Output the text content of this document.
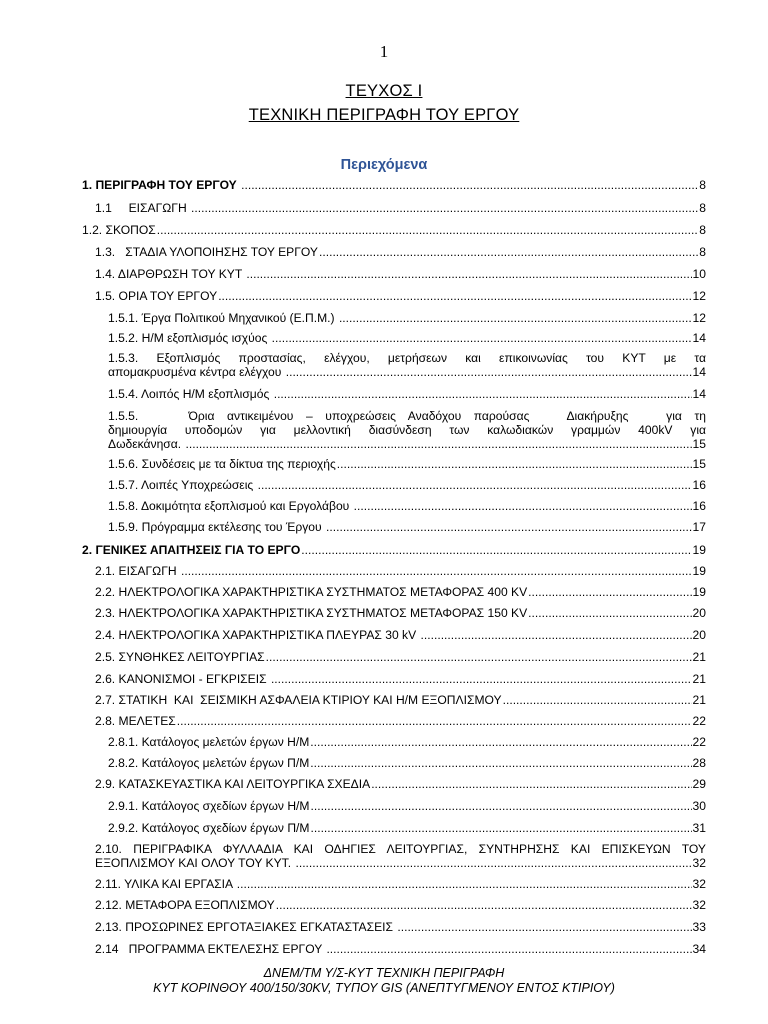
1
ΤΕΥΧΟΣ Ι
ΤΕΧΝΙΚΗ ΠΕΡΙΓΡΑΦΗ ΤΟΥ ΕΡΓΟΥ
Περιεχόμενα
1. ΠΕΡΙΓΡΑΦΗ ΤΟΥ ΕΡΓΟΥ .....	8
1.1     ΕΙΣΑΓΩΓΗ .....	8
1.2. ΣΚΟΠΟΣ .....	8
1.3.   ΣΤΑΔΙΑ ΥΛΟΠΟΙΗΣΗΣ ΤΟΥ ΕΡΓΟΥ .....	8
1.4. ΔΙΑΡΘΡΩΣΗ ΤΟΥ ΚΥΤ .....	10
1.5. ΟΡΙΑ ΤΟΥ ΕΡΓΟΥ .....	12
1.5.1. Έργα Πολιτικού Μηχανικού (Ε.Π.Μ.) .....	12
1.5.2. Η/Μ εξοπλισμός ισχύος .....	14
1.5.3. Εξοπλισμός προστασίας, ελέγχου, μετρήσεων και επικοινωνίας του ΚΥΤ με τα
απομακρυσμένα κέντρα ελέγχου .....	14
1.5.4. Λοιπός Η/Μ εξοπλισμός .....	14
1.5.5.    Όρια αντικειμένου – υποχρεώσεις Αναδόχου παρούσας   Διακήρυξης   για τη
δημιουργία υποδομών για μελλοντική διασύνδεση των καλωδιακών γραμμών 400kV για
Δωδεκάνησα. .....	15
1.5.6. Συνδέσεις με τα δίκτυα της περιοχής .....	15
1.5.7. Λοιπές Υποχρεώσεις .....	16
1.5.8. Δοκιμότητα εξοπλισμού και Εργολάβου .....	16
1.5.9. Πρόγραμμα εκτέλεσης του Έργου .....	17
2. ΓΕΝΙΚΕΣ ΑΠΑΙΤΗΣΕΙΣ ΓΙΑ ΤΟ ΕΡΓΟ .....	19
2.1. ΕΙΣΑΓΩΓΗ .....	19
2.2. ΗΛΕΚΤΡΟΛΟΓΙΚΑ ΧΑΡΑΚΤΗΡΙΣΤΙΚΑ ΣΥΣΤΗΜΑΤΟΣ ΜΕΤΑΦΟΡΑΣ 400 KV .....	19
2.3. ΗΛΕΚΤΡΟΛΟΓΙΚΑ ΧΑΡΑΚΤΗΡΙΣΤΙΚΑ ΣΥΣΤΗΜΑΤΟΣ ΜΕΤΑΦΟΡΑΣ 150 KV .....	20
2.4. ΗΛΕΚΤΡΟΛΟΓΙΚΑ ΧΑΡΑΚΤΗΡΙΣΤΙΚΑ ΠΛΕΥΡΑΣ 30 kV .....	20
2.5. ΣΥΝΘΗΚΕΣ ΛΕΙΤΟΥΡΓΙΑΣ .....	21
2.6. ΚΑΝΟΝΙΣΜΟΙ - ΕΓΚΡΙΣΕΙΣ .....	21
2.7. ΣΤΑΤΙΚΗ  ΚΑΙ  ΣΕΙΣΜΙΚΗ ΑΣΦΑΛΕΙΑ ΚΤΙΡΙΟΥ ΚΑΙ Η/Μ ΕΞΟΠΛΙΣΜΟΥ .....	21
2.8. ΜΕΛΕΤΕΣ .....	22
2.8.1. Κατάλογος μελετών έργων Η/Μ .....	22
2.8.2. Κατάλογος μελετών έργων Π/Μ .....	28
2.9. ΚΑΤΑΣΚΕΥΑΣΤΙΚΑ ΚΑΙ ΛΕΙΤΟΥΡΓΙΚΑ ΣΧΕΔΙΑ .....	29
2.9.1. Κατάλογος σχεδίων έργων Η/Μ .....	30
2.9.2. Κατάλογος σχεδίων έργων Π/Μ .....	31
2.10. ΠΕΡΙΓΡΑΦΙΚΑ ΦΥΛΛΑΔΙΑ ΚΑΙ ΟΔΗΓΙΕΣ ΛΕΙΤΟΥΡΓΙΑΣ, ΣΥΝΤΗΡΗΣΗΣ ΚΑΙ ΕΠΙΣΚΕΥΩΝ ΤΟΥ
ΕΞΟΠΛΙΣΜΟΥ ΚΑΙ ΟΛΟΥ ΤΟΥ ΚΥΤ. .....	32
2.11. ΥΛΙΚΑ ΚΑΙ ΕΡΓΑΣΙΑ .....	32
2.12. ΜΕΤΑΦΟΡΑ ΕΞΟΠΛΙΣΜΟΥ .....	32
2.13. ΠΡΟΣΩΡΙΝΕΣ ΕΡΓΟΤΑΞΙΑΚΕΣ ΕΓΚΑΤΑΣΤΑΣΕΙΣ .....	33
2.14   ΠΡΟΓΡΑΜΜΑ ΕΚΤΕΛΕΣΗΣ ΕΡΓΟΥ .....	34
ΔΝΕΜ/ΤΜ Υ/Σ-ΚΥΤ ΤΕΧΝΙΚΗ ΠΕΡΙΓΡΑΦΗ
ΚΥΤ ΚΟΡΙΝΘΟΥ 400/150/30KV, ΤΥΠΟΥ GIS (ΑΝΕΠΤΥΓΜΕΝΟΥ ΕΝΤΟΣ ΚΤΙΡΙΟΥ)
